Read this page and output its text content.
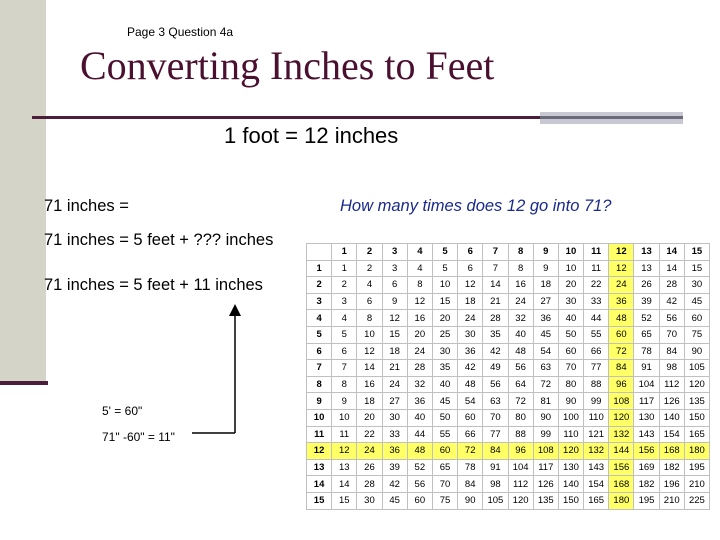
Page 3 Question 4a
Converting Inches to Feet
1 foot = 12 inches
71 inches =
71 inches = 5 feet + ??? inches
71 inches = 5 feet + 11 inches
How many times does 12 go into 71?
5' = 60"
71" -60" = 11"
	1	2	3	4	5	6	7	8	9	10	11	12	13	14	15
1	1	2	3	4	5	6	7	8	9	10	11	12	13	14	15
2	2	4	6	8	10	12	14	16	18	20	22	24	26	28	30
3	3	6	9	12	15	18	21	24	27	30	33	36	39	42	45
4	4	8	12	16	20	24	28	32	36	40	44	48	52	56	60
5	5	10	15	20	25	30	35	40	45	50	55	60	65	70	75
6	6	12	18	24	30	36	42	48	54	60	66	72	78	84	90
7	7	14	21	28	35	42	49	56	63	70	77	84	91	98	105
8	8	16	24	32	40	48	56	64	72	80	88	96	104	112	120
9	9	18	27	36	45	54	63	72	81	90	99	108	117	126	135
10	10	20	30	40	50	60	70	80	90	100	110	120	130	140	150
11	11	22	33	44	55	66	77	88	99	110	121	132	143	154	165
12	12	24	36	48	60	72	84	96	108	120	132	144	156	168	180
13	13	26	39	52	65	78	91	104	117	130	143	156	169	182	195
14	14	28	42	56	70	84	98	112	126	140	154	168	182	196	210
15	15	30	45	60	75	90	105	120	135	150	165	180	195	210	225
